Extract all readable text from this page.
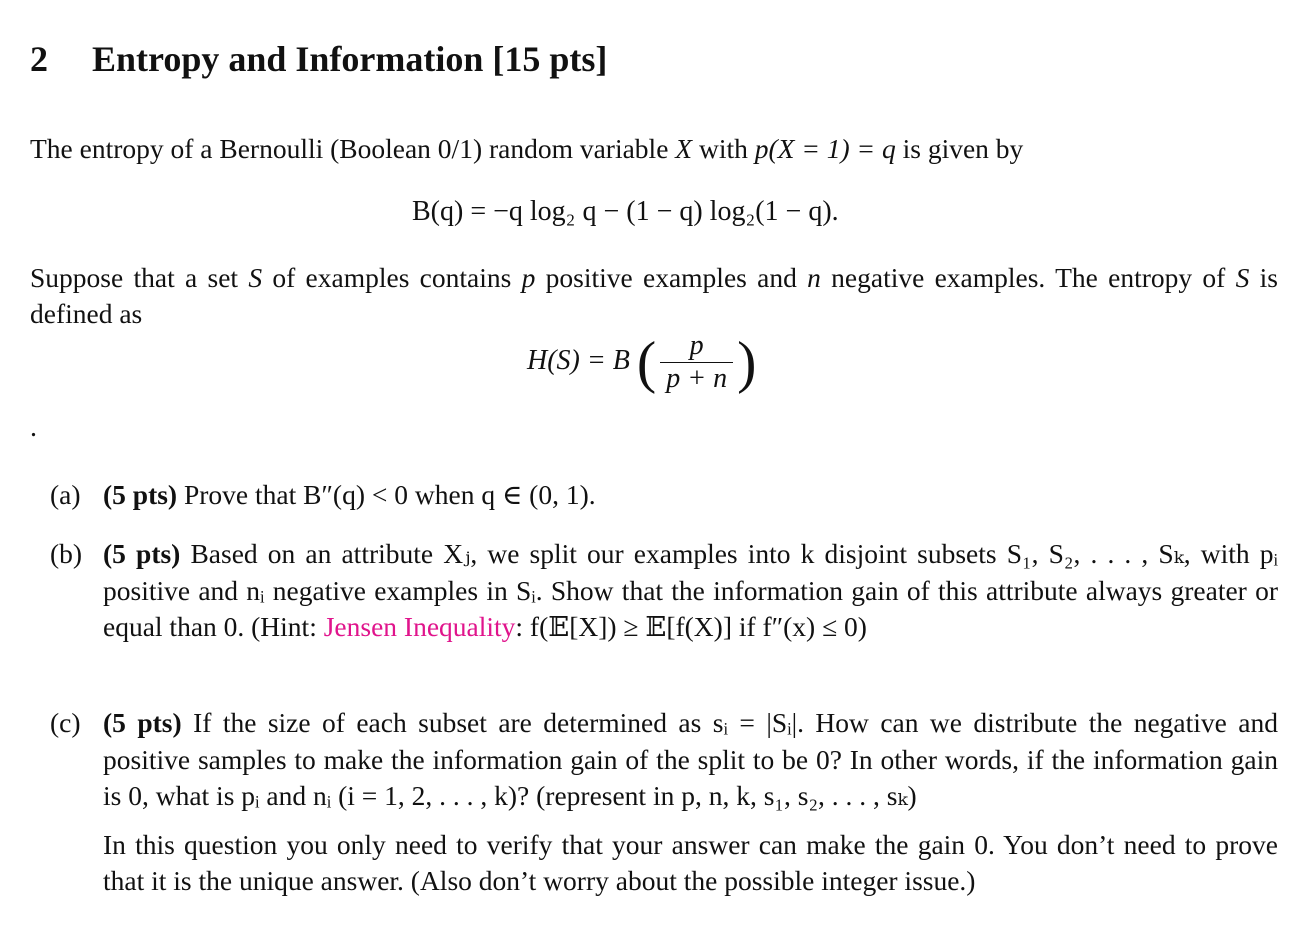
2 Entropy and Information [15 pts]
The entropy of a Bernoulli (Boolean 0/1) random variable X with p(X = 1) = q is given by
B(q) = −q log₂ q − (1 − q) log₂(1 − q).
Suppose that a set S of examples contains p positive examples and n negative examples. The entropy of S is defined as
H(S) = B ( $\frac{p}{p + n}$ )
.
(a) (5 pts) Prove that B″(q) < 0 when q ∈ (0, 1).
(b) (5 pts) Based on an attribute Xⱼ, we split our examples into k disjoint subsets S₁, S₂, . . . , Sₖ, with pᵢ positive and nᵢ negative examples in Sᵢ. Show that the information gain of this attribute always greater or equal than 0. (Hint: Jensen Inequality: f(𝔼[X]) ≥ 𝔼[f(X)] if f″(x) ≤ 0)
(c) (5 pts) If the size of each subset are determined as sᵢ = |Sᵢ|. How can we distribute the negative and positive samples to make the information gain of the split to be 0? In other words, if the information gain is 0, what is pᵢ and nᵢ (i = 1, 2, . . . , k)? (represent in p, n, k, s₁, s₂, . . . , sₖ)
In this question you only need to verify that your answer can make the gain 0. You don’t need to prove that it is the unique answer. (Also don’t worry about the possible integer issue.)
